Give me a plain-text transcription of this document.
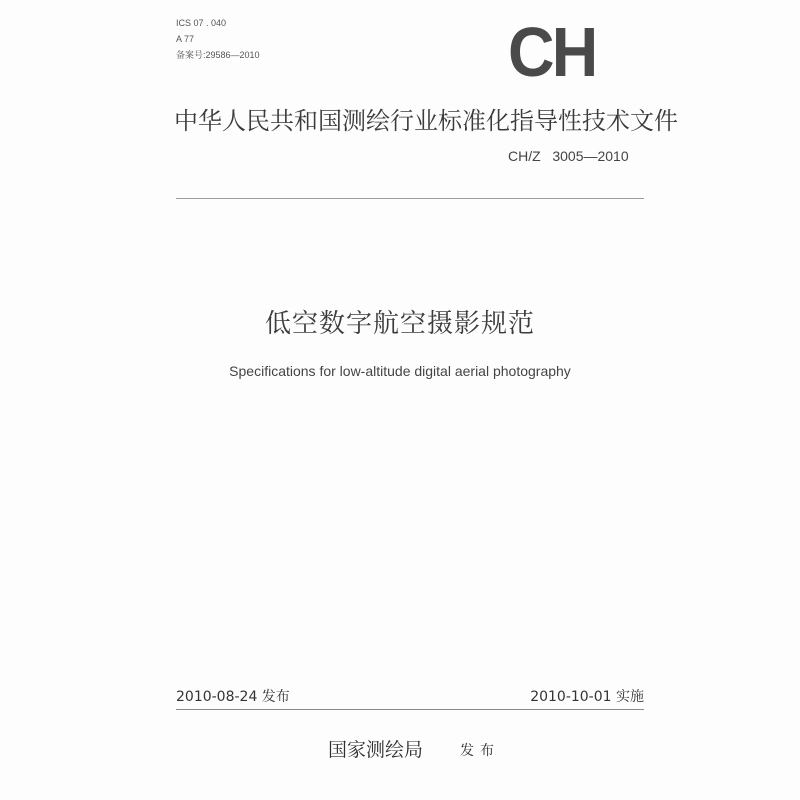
ICS 07 . 040
A 77
备案号:29586—2010	CH
中华人民共和国测绘行业标准化指导性技术文件
CH/Z   3005—2010
低空数字航空摄影规范
Specifications for low-altitude digital aerial photography
2010-08-24 发布	2010-10-01 实施
国家测绘局	发布
